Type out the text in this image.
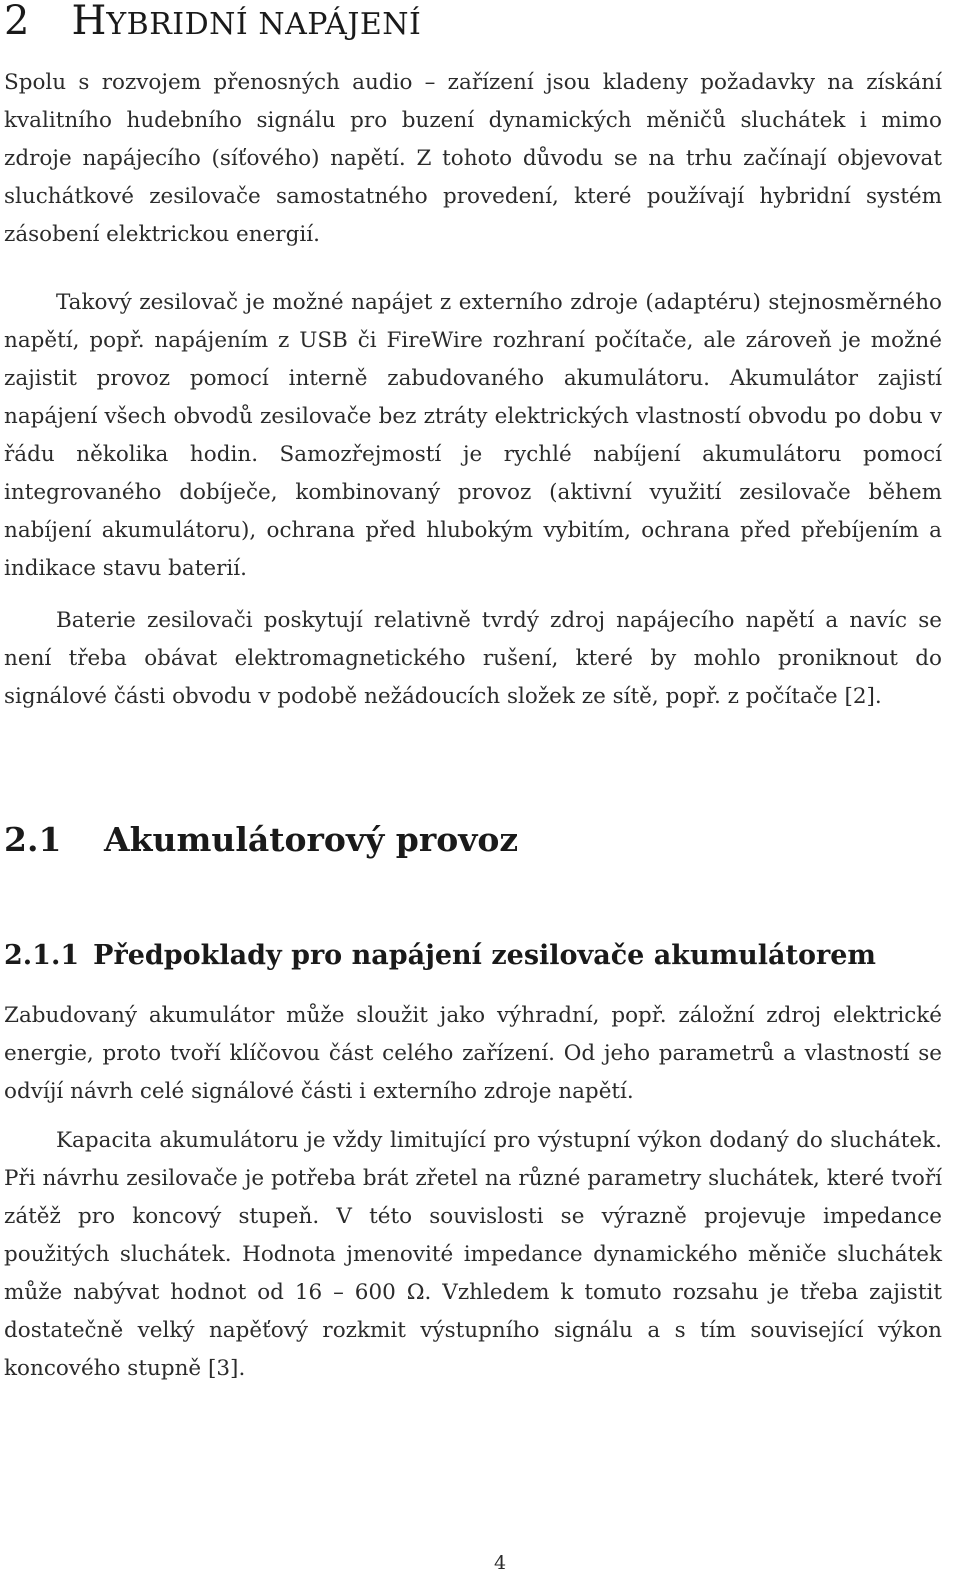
2 HYBRIDNÍ NAPÁJENÍ

Spolu s rozvojem přenosných audio – zařízení jsou kladeny požadavky na získání kvalitního hudebního signálu pro buzení dynamických měničů sluchátek i mimo zdroje napájecího (síťového) napětí. Z tohoto důvodu se na trhu začínají objevovat sluchátkové zesilovače samostatného provedení, které používají hybridní systém zásobení elektrickou energií.

Takový zesilovač je možné napájet z externího zdroje (adaptéru) stejnosměrného napětí, popř. napájením z USB či FireWire rozhraní počítače, ale zároveň je možné zajistit provoz pomocí interně zabudovaného akumulátoru. Akumulátor zajistí napájení všech obvodů zesilovače bez ztráty elektrických vlastností obvodu po dobu v řádu několika hodin. Samozřejmostí je rychlé nabíjení akumulátoru pomocí integrovaného dobíječe, kombinovaný provoz (aktivní využití zesilovače během nabíjení akumulátoru), ochrana před hlubokým vybitím, ochrana před přebíjením a indikace stavu baterií.

Baterie zesilovači poskytují relativně tvrdý zdroj napájecího napětí a navíc se není třeba obávat elektromagnetického rušení, které by mohlo proniknout do signálové části obvodu v podobě nežádoucích složek ze sítě, popř. z počítače [2].

2.1 Akumulátorový provoz
2.1.1 Předpoklady pro napájení zesilovače akumulátorem

Zabudovaný akumulátor může sloužit jako výhradní, popř. záložní zdroj elektrické energie, proto tvoří klíčovou část celého zařízení. Od jeho parametrů a vlastností se odvíjí návrh celé signálové části i externího zdroje napětí.

Kapacita akumulátoru je vždy limitující pro výstupní výkon dodaný do sluchátek. Při návrhu zesilovače je potřeba brát zřetel na různé parametry sluchátek, které tvoří zátěž pro koncový stupeň. V této souvislosti se výrazně projevuje impedance použitých sluchátek. Hodnota jmenovité impedance dynamického měniče sluchátek může nabývat hodnot od 16 – 600 Ω. Vzhledem k tomuto rozsahu je třeba zajistit dostatečně velký napěťový rozkmit výstupního signálu a s tím související výkon koncového stupně [3].

4
